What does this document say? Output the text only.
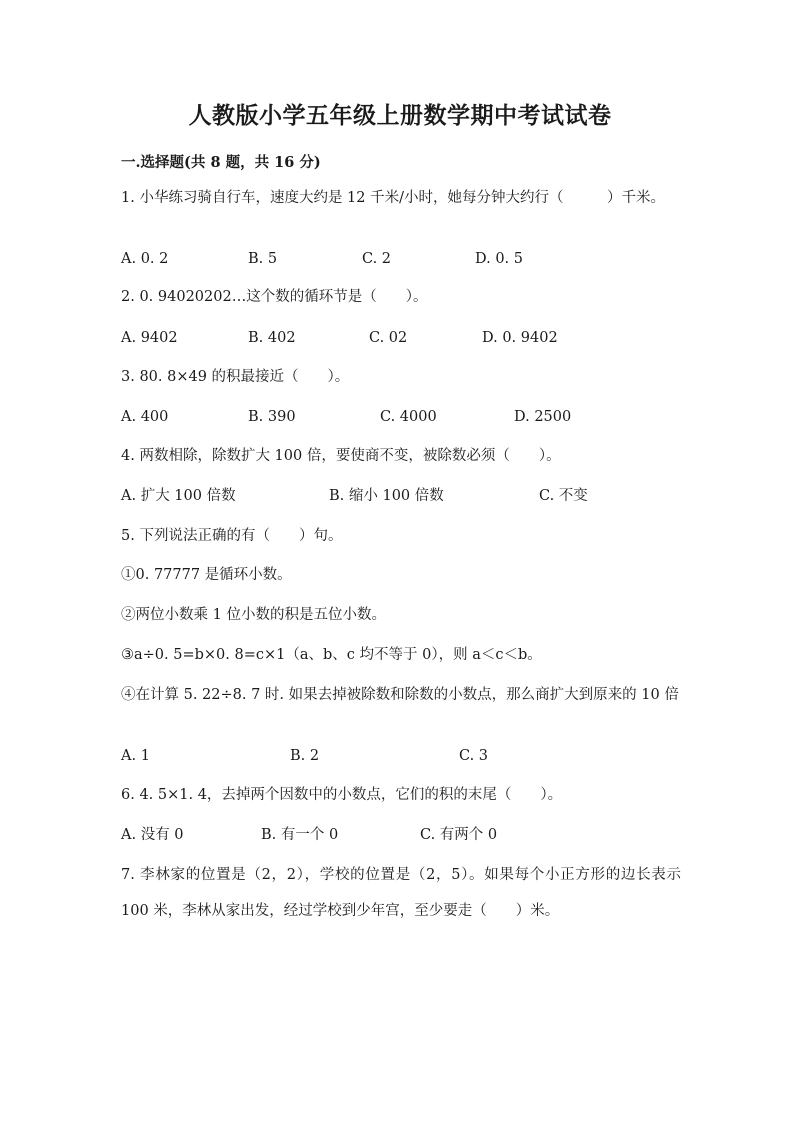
人教版小学五年级上册数学期中考试试卷
一.选择题(共 8 题，共 16 分)
1. 小华练习骑自行车，速度大约是 12 千米/小时，她每分钟大约行（　　　）千米。
A. 0. 2	B. 5	C. 2	D. 0. 5
2. 0. 94020202…这个数的循环节是（　　）。
A. 9402	B. 402	C. 02	D. 0. 9402
3. 80. 8×49 的积最接近（　　）。
A. 400	B. 390	C. 4000	D. 2500
4. 两数相除，除数扩大 100 倍，要使商不变，被除数必须（　　）。
A. 扩大 100 倍数	B. 缩小 100 倍数	C. 不变
5. 下列说法正确的有（　　）句。
①0. 77777 是循环小数。
②两位小数乘 1 位小数的积是五位小数。
③a÷0. 5=b×0. 8=c×1（a、b、c 均不等于 0），则 a＜c＜b。
④在计算 5. 22÷8. 7 时. 如果去掉被除数和除数的小数点，那么商扩大到原来的 10 倍
A. 1	B. 2	C. 3
6. 4. 5×1. 4，去掉两个因数中的小数点，它们的积的末尾（　　）。
A. 没有 0	B. 有一个 0	C. 有两个 0
7. 李林家的位置是（2，2），学校的位置是（2，5）。如果每个小正方形的边长表示 100 米，李林从家出发，经过学校到少年宫，至少要走（　　）米。
